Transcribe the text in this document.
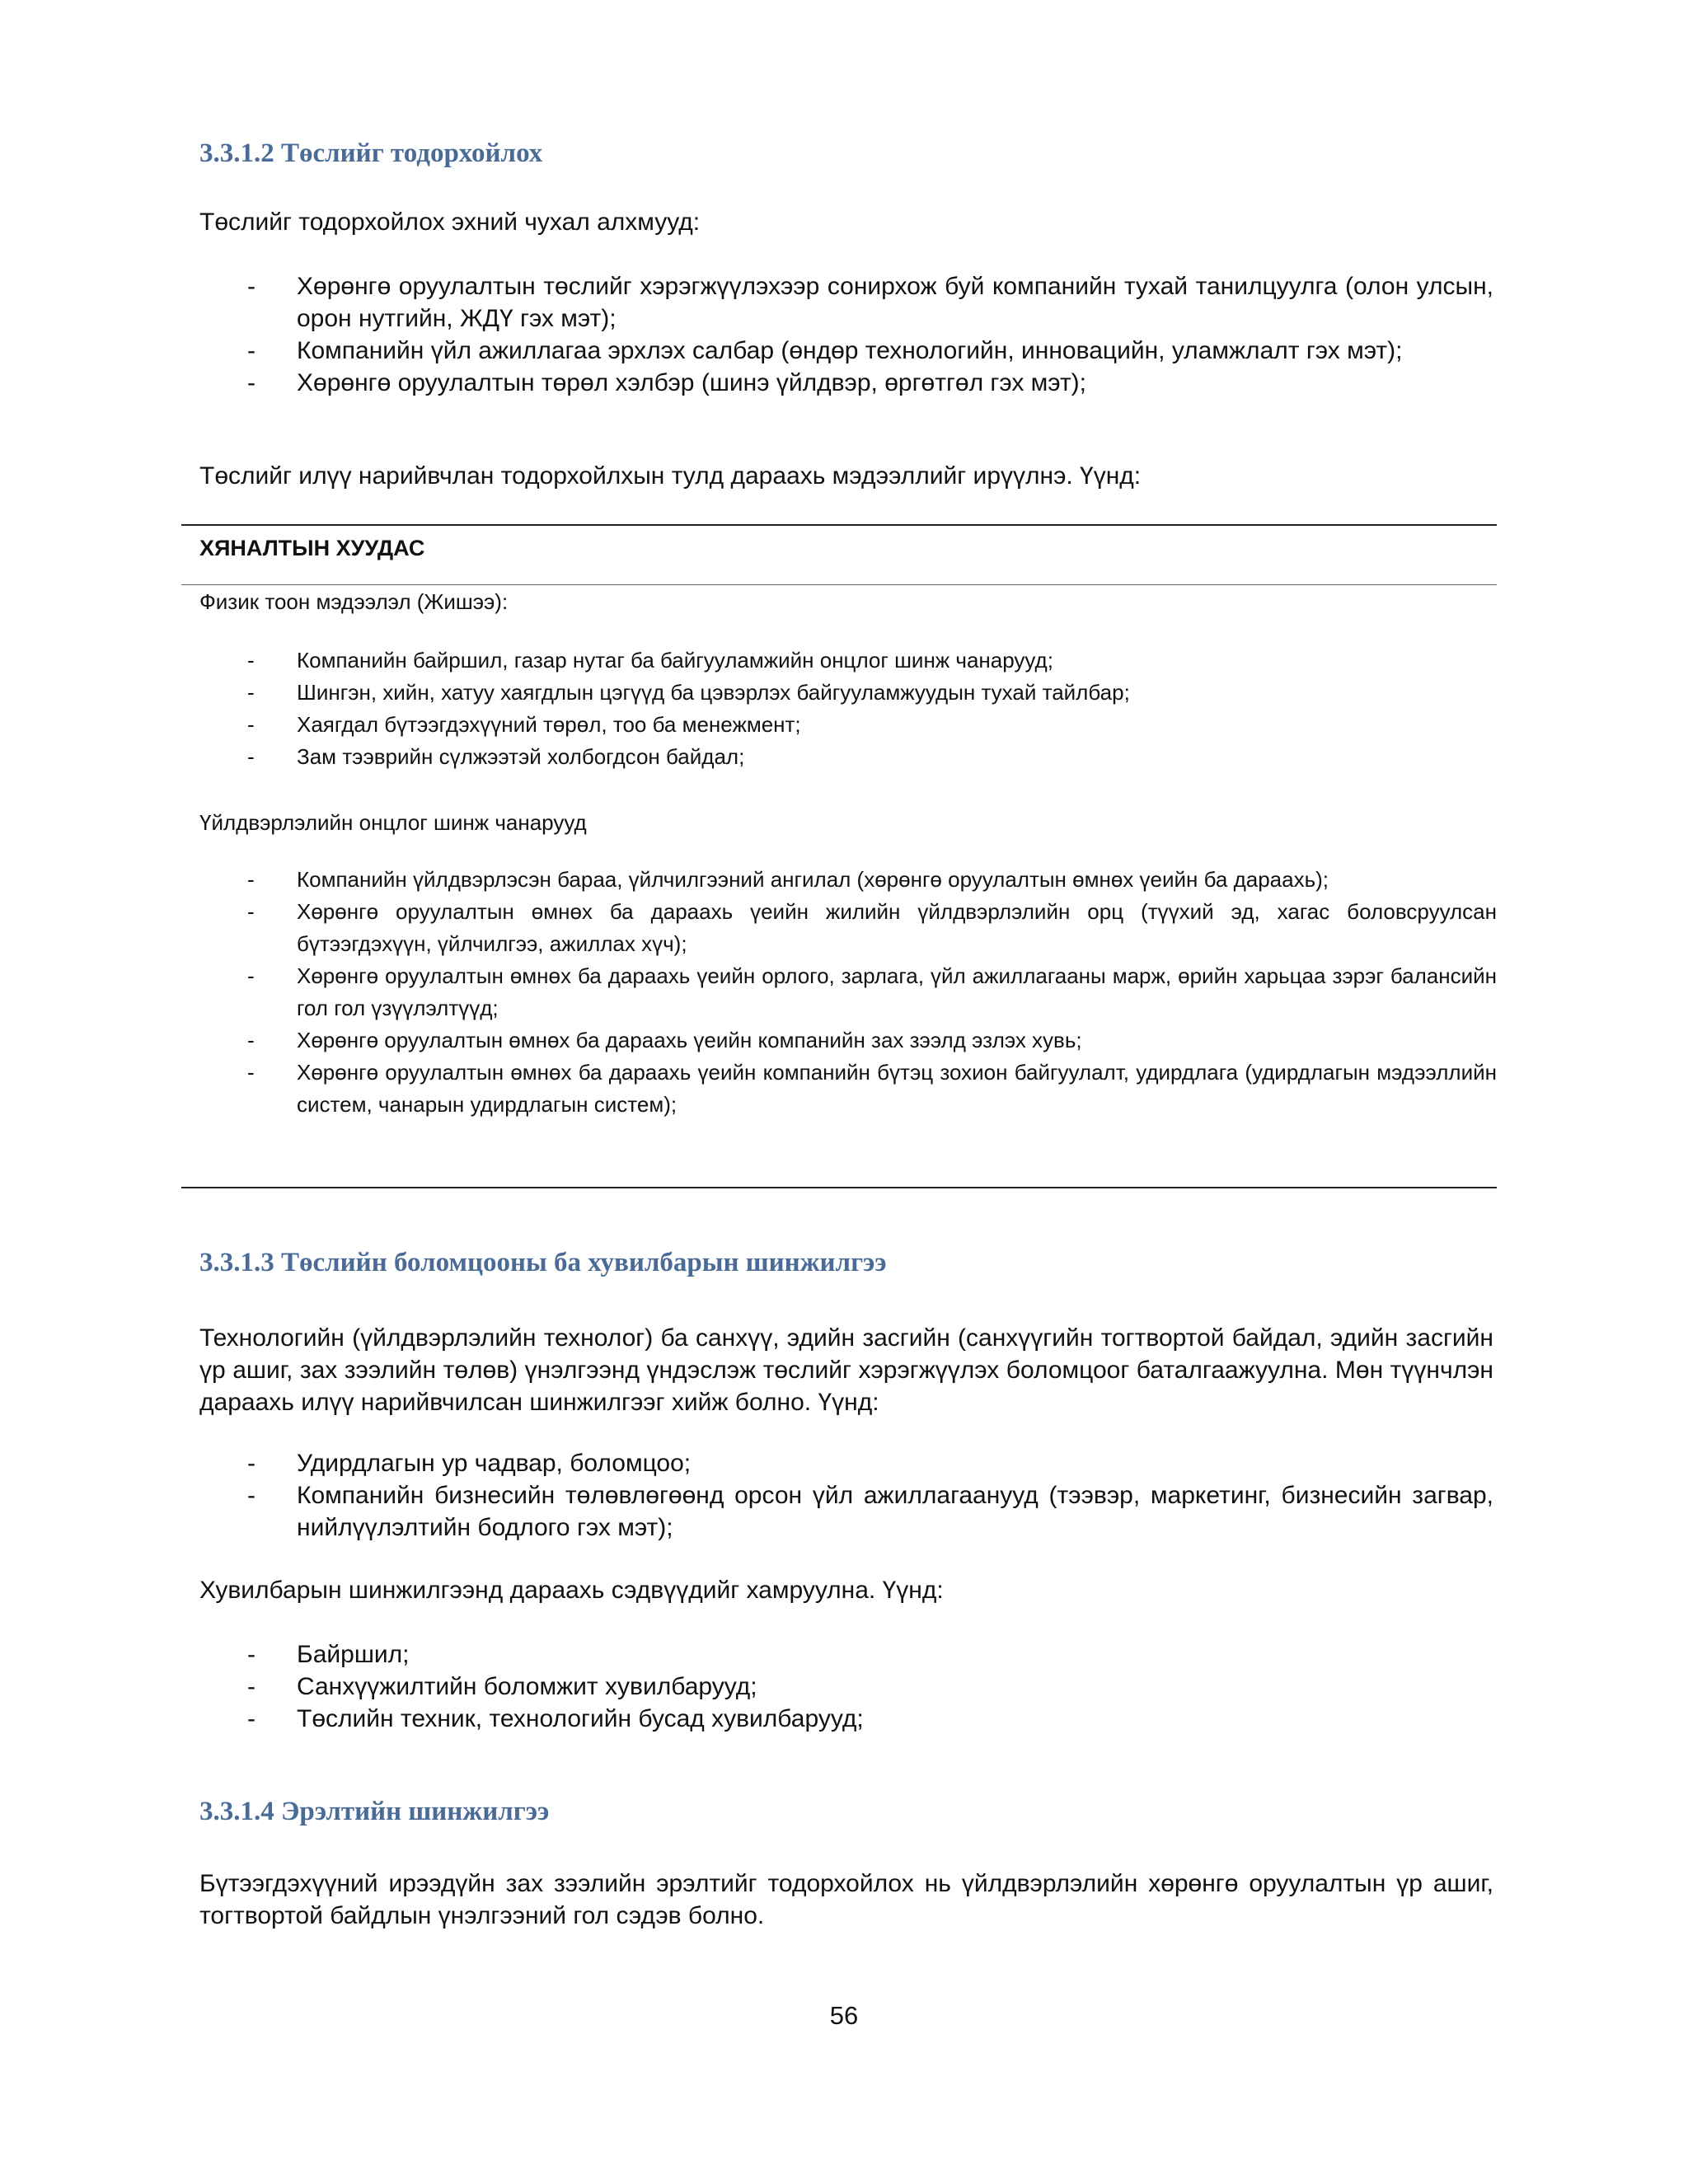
3.3.1.2 Төслийг тодорхойлох

Төслийг тодорхойлох эхний чухал алхмууд:

- Хөрөнгө оруулалтын төслийг хэрэгжүүлэхээр сонирхож буй компанийн тухай танилцуулга (олон улсын, орон нутгийн, ЖДҮ гэх мэт);
- Компанийн үйл ажиллагаа эрхлэх салбар (өндөр технологийн, инновацийн, уламжлалт гэх мэт);
- Хөрөнгө оруулалтын төрөл хэлбэр (шинэ үйлдвэр, өргөтгөл гэх мэт);

Төслийг илүү нарийвчлан тодорхойлхын тулд дараахь мэдээллийг ирүүлнэ. Үүнд:

ХЯНАЛТЫН ХУУДАС
Физик тоон мэдээлэл (Жишээ):
- Компанийн байршил, газар нутаг ба байгууламжийн онцлог шинж чанарууд;
- Шингэн, хийн, хатуу хаягдлын цэгүүд ба цэвэрлэх байгууламжуудын тухай тайлбар;
- Хаягдал бүтээгдэхүүний төрөл, тоо ба менежмент;
- Зам тээврийн сүлжээтэй холбогдсон байдал;
Үйлдвэрлэлийн онцлог шинж чанарууд
- Компанийн үйлдвэрлэсэн бараа, үйлчилгээний ангилал (хөрөнгө оруулалтын өмнөх үеийн ба дараахь);
- Хөрөнгө оруулалтын өмнөх ба дараахь үеийн жилийн үйлдвэрлэлийн орц (түүхий эд, хагас боловсруулсан бүтээгдэхүүн, үйлчилгээ, ажиллах хүч);
- Хөрөнгө оруулалтын өмнөх ба дараахь үеийн орлого, зарлага, үйл ажиллагааны марж, өрийн харьцаа зэрэг балансийн гол гол үзүүлэлтүүд;
- Хөрөнгө оруулалтын өмнөх ба дараахь үеийн компанийн зах зээлд эзлэх хувь;
- Хөрөнгө оруулалтын өмнөх ба дараахь үеийн компанийн бүтэц зохион байгуулалт, удирдлага (удирдлагын мэдээллийн систем, чанарын удирдлагын систем);
3.3.1.3 Төслийн боломцооны ба хувилбарын шинжилгээ

Технологийн (үйлдвэрлэлийн технолог) ба санхүү, эдийн засгийн (санхүүгийн тогтвортой байдал, эдийн засгийн үр ашиг, зах зээлийн төлөв) үнэлгээнд үндэслэж төслийг хэрэгжүүлэх боломцоог баталгаажуулна. Мөн түүнчлэн дараахь илүү нарийвчилсан шинжилгээг хийж болно. Үүнд:

- Удирдлагын ур чадвар, боломцоо;
- Компанийн бизнесийн төлөвлөгөөнд орсон үйл ажиллагаанууд (тээвэр, маркетинг, бизнесийн загвар, нийлүүлэлтийн бодлого гэх мэт);

Хувилбарын шинжилгээнд дараахь сэдвүүдийг хамруулна. Үүнд:

- Байршил;
- Санхүүжилтийн боломжит хувилбарууд;
- Төслийн техник, технологийн бусад хувилбарууд;
3.3.1.4 Эрэлтийн шинжилгээ

Бүтээгдэхүүний ирээдүйн зах зээлийн эрэлтийг тодорхойлох нь үйлдвэрлэлийн хөрөнгө оруулалтын үр ашиг, тогтвортой байдлын үнэлгээний гол сэдэв болно.

56
